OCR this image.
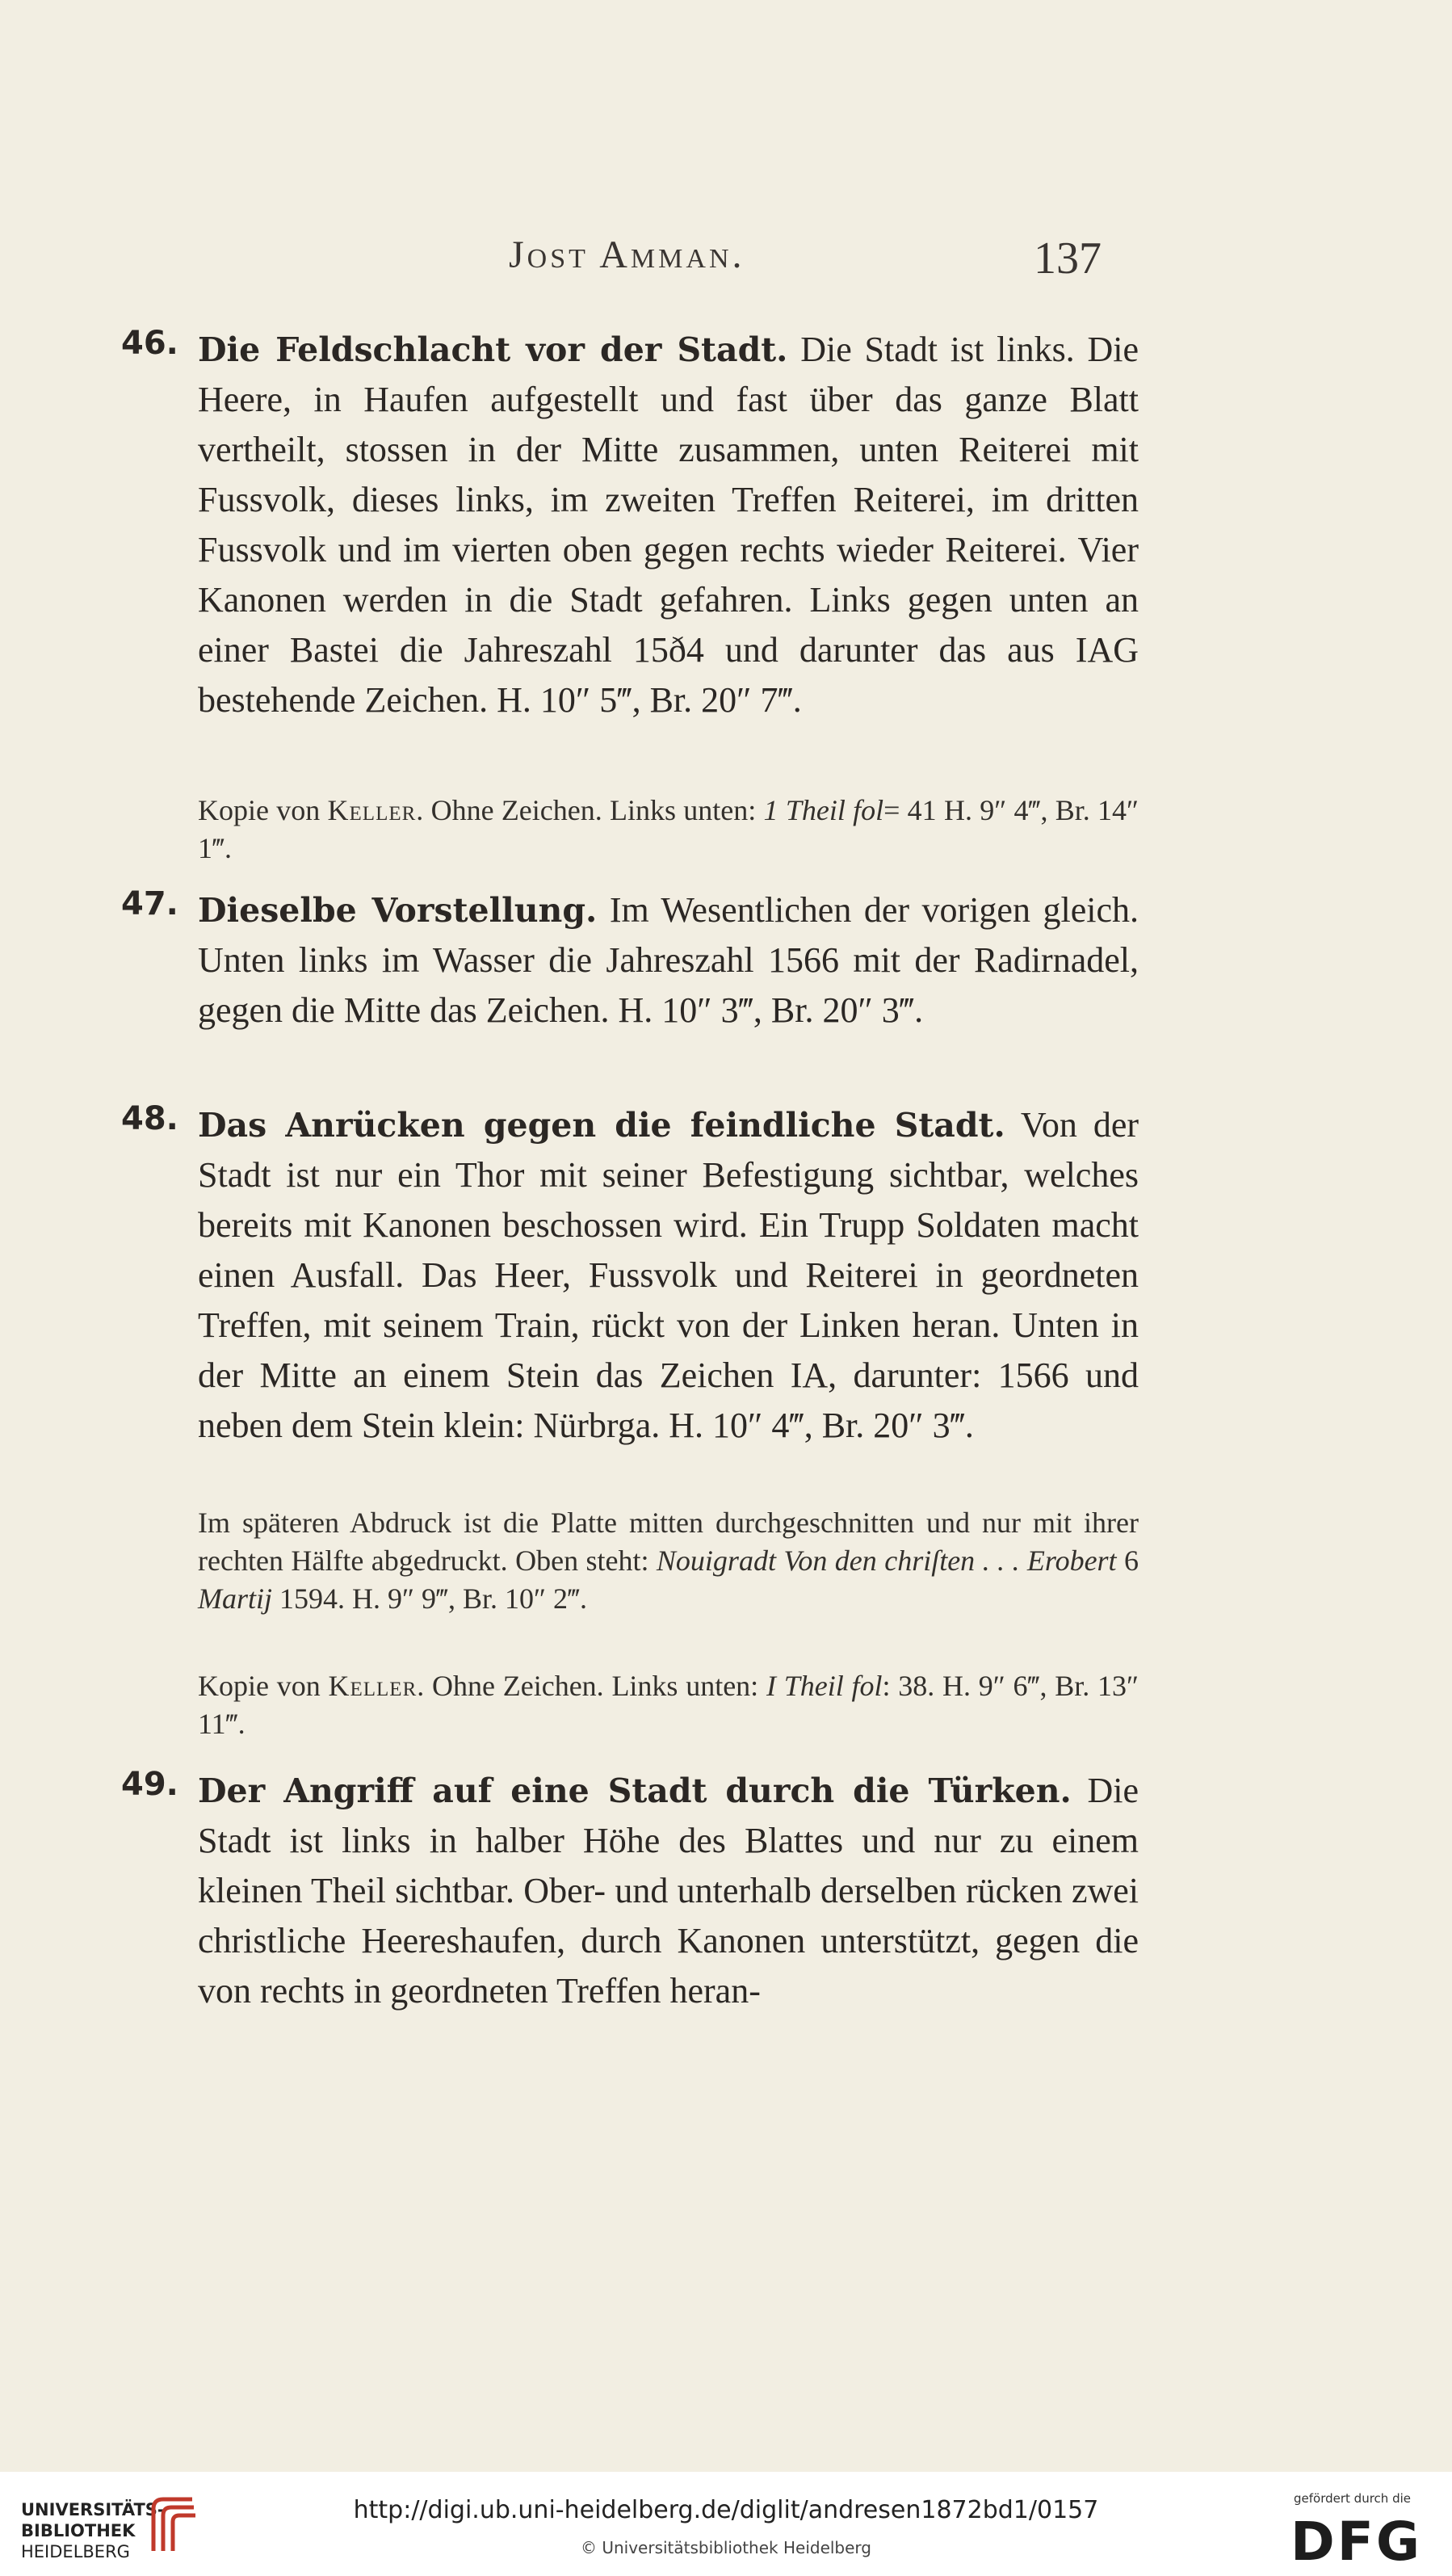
Jost Amman.	137
46. Die Feldschlacht vor der Stadt. Die Stadt ist links. Die Heere, in Haufen aufgestellt und fast über das ganze Blatt vertheilt, stossen in der Mitte zusammen, unten Reiterei mit Fussvolk, dieses links, im zweiten Treffen Reiterei, im dritten Fussvolk und im vierten oben gegen rechts wieder Reiterei. Vier Kanonen werden in die Stadt gefahren. Links gegen unten an einer Bastei die Jahreszahl 15ð4 und darunter das aus IAG bestehende Zeichen. H. 10″ 5‴, Br. 20″ 7‴.
Kopie von Keller. Ohne Zeichen. Links unten: 1 Theil fol= 41 H. 9″ 4‴, Br. 14″ 1‴.
47. Dieselbe Vorstellung. Im Wesentlichen der vorigen gleich. Unten links im Wasser die Jahreszahl 1566 mit der Radirnadel, gegen die Mitte das Zeichen. H. 10″ 3‴, Br. 20″ 3‴.
48. Das Anrücken gegen die feindliche Stadt. Von der Stadt ist nur ein Thor mit seiner Befestigung sichtbar, welches bereits mit Kanonen beschossen wird. Ein Trupp Soldaten macht einen Ausfall. Das Heer, Fussvolk und Reiterei in geordneten Treffen, mit seinem Train, rückt von der Linken heran. Unten in der Mitte an einem Stein das Zeichen IA, darunter: 1566 und neben dem Stein klein: Nürbrga. H. 10″ 4‴, Br. 20″ 3‴.
Im späteren Abdruck ist die Platte mitten durchgeschnitten und nur mit ihrer rechten Hälfte abgedruckt. Oben steht: Nouigradt Von den chriſten . . . Erobert 6 Martij 1594. H. 9″ 9‴, Br. 10″ 2‴.
Kopie von Keller. Ohne Zeichen. Links unten: I Theil fol: 38. H. 9″ 6‴, Br. 13″ 11‴.
49. Der Angriff auf eine Stadt durch die Türken. Die Stadt ist links in halber Höhe des Blattes und nur zu einem kleinen Theil sichtbar. Ober- und unterhalb derselben rücken zwei christliche Heereshaufen, durch Kanonen unterstützt, gegen die von rechts in geordneten Treffen heran-
UNIVERSITÄTS-
BIBLIOTHEK
HEIDELBERG
http://digi.ub.uni-heidelberg.de/diglit/andresen1872bd1/0157
© Universitätsbibliothek Heidelberg
gefördert durch die
DFG
